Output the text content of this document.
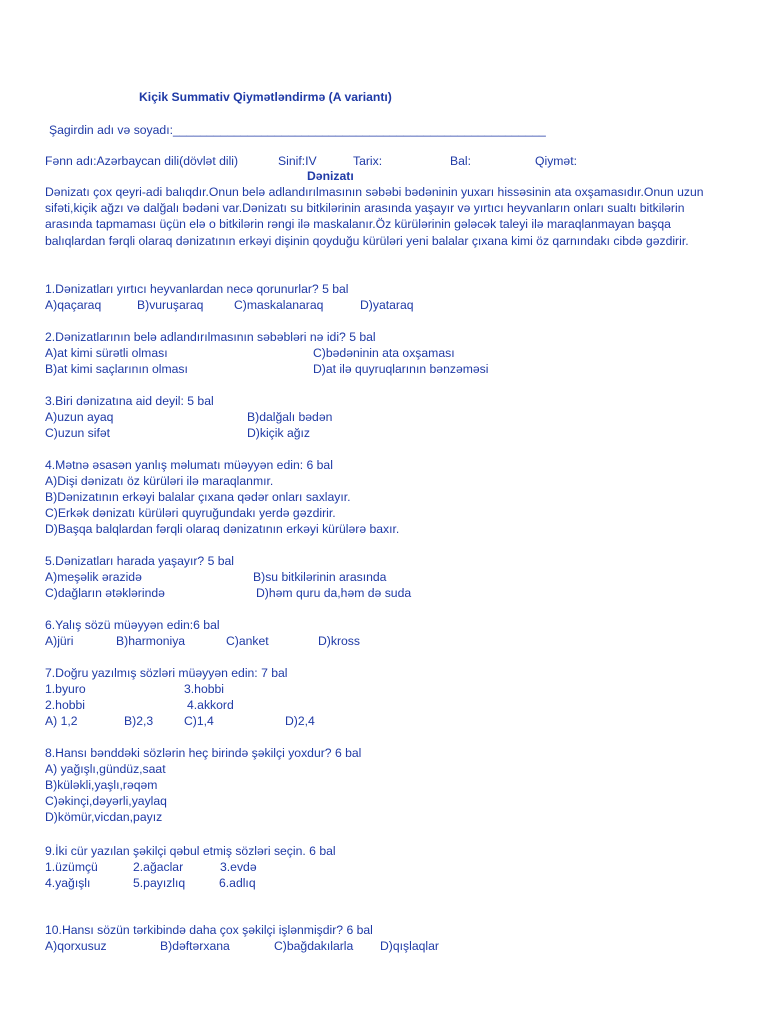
Kiçik Summativ Qiymətləndirmə (A variantı)
Şagirdin adı və soyadı:_______________________________________________________
Fənn adı:Azərbaycan dili(dövlət dili)	Sinif:IV	Tarix:	Bal:	Qiymət:
Dənizatı
Dənizatı çox qeyri-adi balıqdır.Onun belə adlandırılmasının səbəbi bədəninin yuxarı hissəsinin ata oxşamasıdır.Onun uzun sifəti,kiçik ağzı və dalğalı bədəni var.Dənizatı su bitkilərinin arasında yaşayır və yırtıcı heyvanların onları sualtı bitkilərin arasında tapmaması üçün elə o bitkilərin rəngi ilə maskalanır.Öz kürülərinin gələcək taleyi ilə maraqlanmayan başqa balıqlardan fərqli olaraq dənizatının erkəyi dişinin qoyduğu kürüləri yeni balalar çıxana kimi öz qarnındakı cibdə gəzdirir.
1.Dənizatları yırtıcı heyvanlardan necə qorunurlar? 5 bal
A)qaçaraq	B)vuruşaraq	C)maskalanaraq	D)yataraq
2.Dənizatlarının belə adlandırılmasının səbəbləri nə idi? 5 bal
A)at kimi sürətli olması	C)bədəninin ata oxşaması
B)at kimi saçlarının olması	D)at ilə quyruqlarının bənzəməsi
3.Biri dənizatına aid deyil: 5 bal
A)uzun ayaq	B)dalğalı bədən
C)uzun sifət	D)kiçik ağız
4.Mətnə əsasən yanlış məlumatı müəyyən edin: 6 bal
A)Dişi dənizatı öz kürüləri ilə maraqlanmır.
B)Dənizatının erkəyi balalar çıxana qədər onları saxlayır.
C)Erkək dənizatı kürüləri quyruğundakı yerdə gəzdirir.
D)Başqa balqlardan fərqli olaraq dənizatının erkəyi kürülərə baxır.
5.Dənizatları harada yaşayır? 5 bal
A)meşəlik ərazidə	B)su bitkilərinin arasında
C)dağların ətəklərində	D)həm quru da,həm də suda
6.Yalış sözü müəyyən edin:6 bal
A)jüri	B)harmoniya	C)anket	D)kross
7.Doğru yazılmış sözləri müəyyən edin: 7 bal
1.byuro	3.hobbi
2.hobbi	4.akkord
A) 1,2	B)2,3	C)1,4	D)2,4
8.Hansı bənddəki sözlərin heç birində şəkilçi yoxdur? 6 bal
A) yağışlı,gündüz,saat
B)küləkli,yaşlı,rəqəm
C)əkinçi,dəyərli,yaylaq
D)kömür,vicdan,payız
9.İki cür yazılan şəkilçi qəbul etmiş sözləri seçin. 6 bal
1.üzümçü	2.ağaclar	3.evdə
4.yağışlı	5.payızlıq	6.adlıq
10.Hansı sözün tərkibində daha çox şəkilçi işlənmişdir? 6 bal
A)qorxusuz	B)dəftərxana	C)bağdakılarla D)qışlaqlar
